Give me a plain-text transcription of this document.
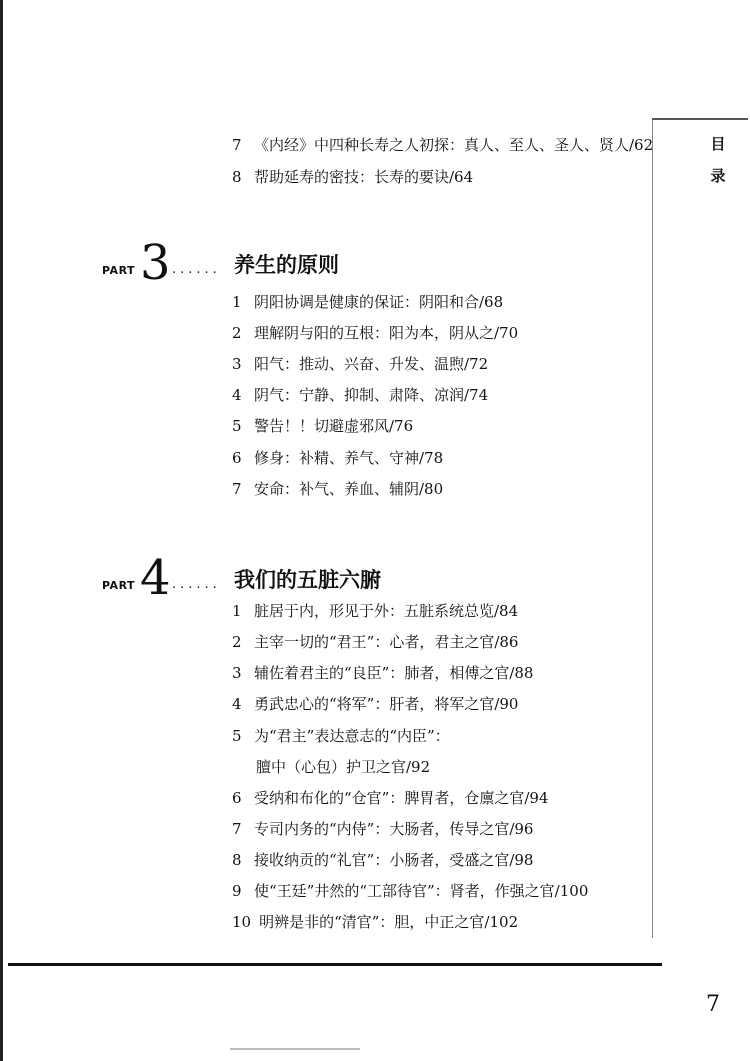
目
录
7 《内经》中四种长寿之人初探：真人、至人、圣人、贤人/62
8 帮助延寿的密技：长寿的要诀/64
PART 3 ...... 养生的原则
1 阴阳协调是健康的保证：阴阳和合/68
2 理解阴与阳的互根：阳为本，阴从之/70
3 阳气：推动、兴奋、升发、温煦/72
4 阴气：宁静、抑制、肃降、凉润/74
5 警告！！切避虚邪风/76
6 修身：补精、养气、守神/78
7 安命：补气、养血、辅阴/80
PART 4 ...... 我们的五脏六腑
1 脏居于内，形见于外：五脏系统总览/84
2 主宰一切的“君王”：心者，君主之官/86
3 辅佐着君主的“良臣”：肺者，相傅之官/88
4 勇武忠心的“将军”：肝者，将军之官/90
5 为“君主”表达意志的“内臣”：
膻中（心包）护卫之官/92
6 受纳和布化的“仓官”：脾胃者，仓廪之官/94
7 专司内务的“内侍”：大肠者，传导之官/96
8 接收纳贡的“礼官”：小肠者，受盛之官/98
9 使“王廷”井然的“工部待官”：肾者，作强之官/100
10 明辨是非的“清官”：胆，中正之官/102
7
